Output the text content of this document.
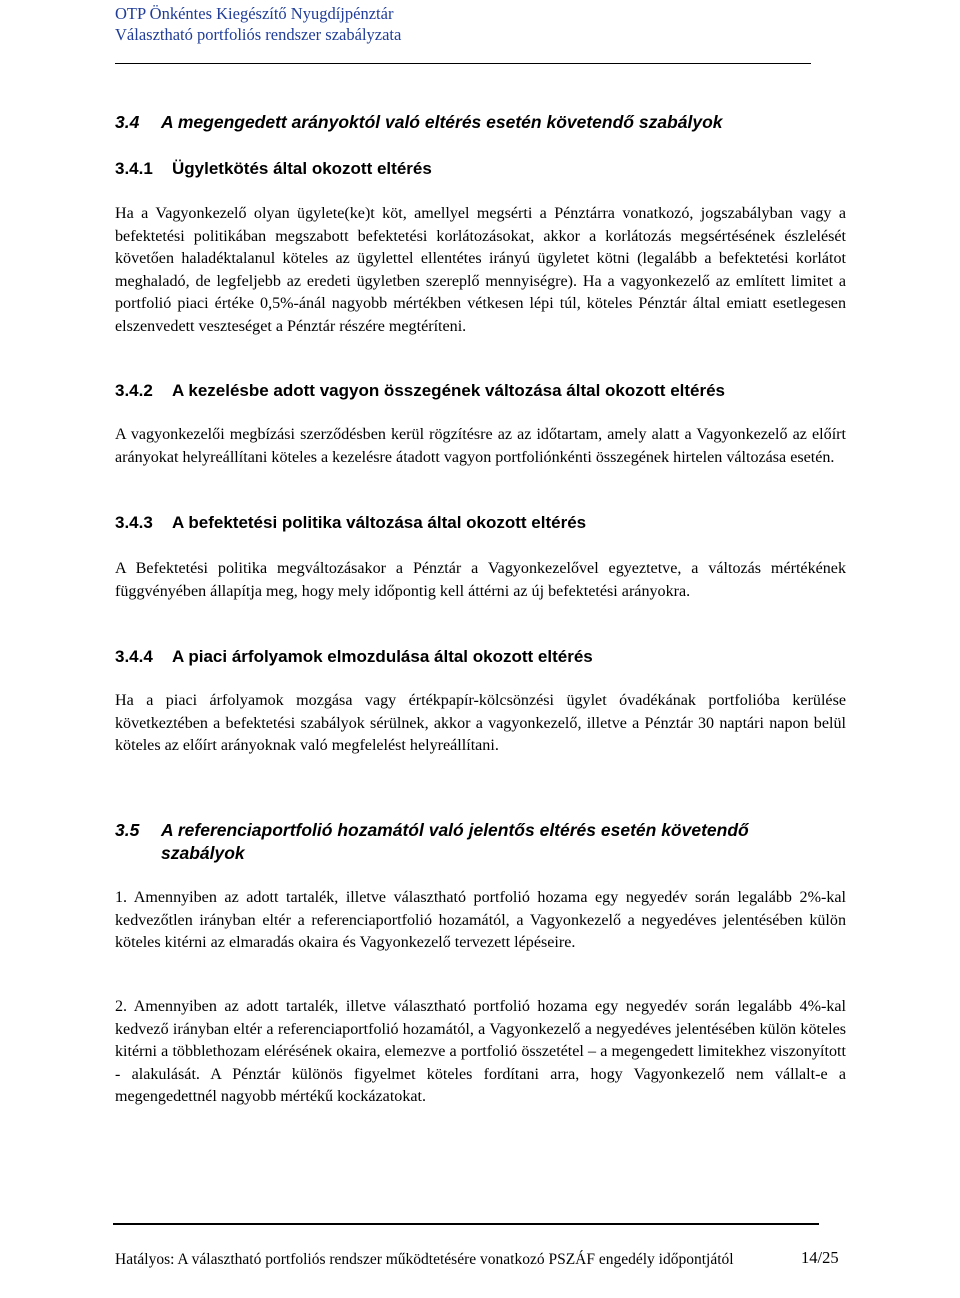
OTP Önkéntes Kiegészítő Nyugdíjpénztár
Választható portfoliós rendszer szabályzata
3.4 A megengedett arányoktól való eltérés esetén követendő szabályok
3.4.1 Ügyletkötés által okozott eltérés
Ha a Vagyonkezelő olyan ügylete(ke)t köt, amellyel megsérti a Pénztárra vonatkozó, jogszabályban vagy a befektetési politikában megszabott befektetési korlátozásokat, akkor a korlátozás megsértésének észlelését követően haladéktalanul köteles az ügylettel ellentétes irányú ügyletet kötni (legalább a befektetési korlátot meghaladó, de legfeljebb az eredeti ügyletben szereplő mennyiségre). Ha a vagyonkezelő az említett limitet a portfolió piaci értéke 0,5%-ánál nagyobb mértékben vétkesen lépi túl, köteles Pénztár által emiatt esetlegesen elszenvedett veszteséget a Pénztár részére megtéríteni.
3.4.2 A kezelésbe adott vagyon összegének változása által okozott eltérés
A vagyonkezelői megbízási szerződésben kerül rögzítésre az az időtartam, amely alatt a Vagyonkezelő az előírt arányokat helyreállítani köteles a kezelésre átadott vagyon portfoliónkénti összegének hirtelen változása esetén.
3.4.3 A befektetési politika változása által okozott eltérés
A Befektetési politika megváltozásakor a Pénztár a Vagyonkezelővel egyeztetve, a változás mértékének függvényében állapítja meg, hogy mely időpontig kell áttérni az új befektetési arányokra.
3.4.4 A piaci árfolyamok elmozdulása által okozott eltérés
Ha a piaci árfolyamok mozgása vagy értékpapír-kölcsönzési ügylet óvadékának portfolióba kerülése következtében a befektetési szabályok sérülnek, akkor a vagyonkezelő, illetve a Pénztár 30 naptári napon belül köteles az előírt arányoknak való megfelelést helyreállítani.
3.5 A referenciaportfolió hozamától való jelentős eltérés esetén követendő szabályok
1. Amennyiben az adott tartalék, illetve választható portfolió hozama egy negyedév során legalább 2%-kal kedvezőtlen irányban eltér a referenciaportfolió hozamától, a Vagyonkezelő a negyedéves jelentésében külön köteles kitérni az elmaradás okaira és Vagyonkezelő tervezett lépéseire.
2. Amennyiben az adott tartalék, illetve választható portfolió hozama egy negyedév során legalább 4%-kal kedvező irányban eltér a referenciaportfolió hozamától, a Vagyonkezelő a negyedéves jelentésében külön köteles kitérni a többlethozam elérésének okaira, elemezve a portfolió összetétel – a megengedett limitekhez viszonyított - alakulását. A Pénztár különös figyelmet köteles fordítani arra, hogy Vagyonkezelő nem vállalt-e a megengedettnél nagyobb mértékű kockázatokat.
Hatályos: A választható portfoliós rendszer működtetésére vonatkozó PSZÁF engedély időpontjától	14/25
